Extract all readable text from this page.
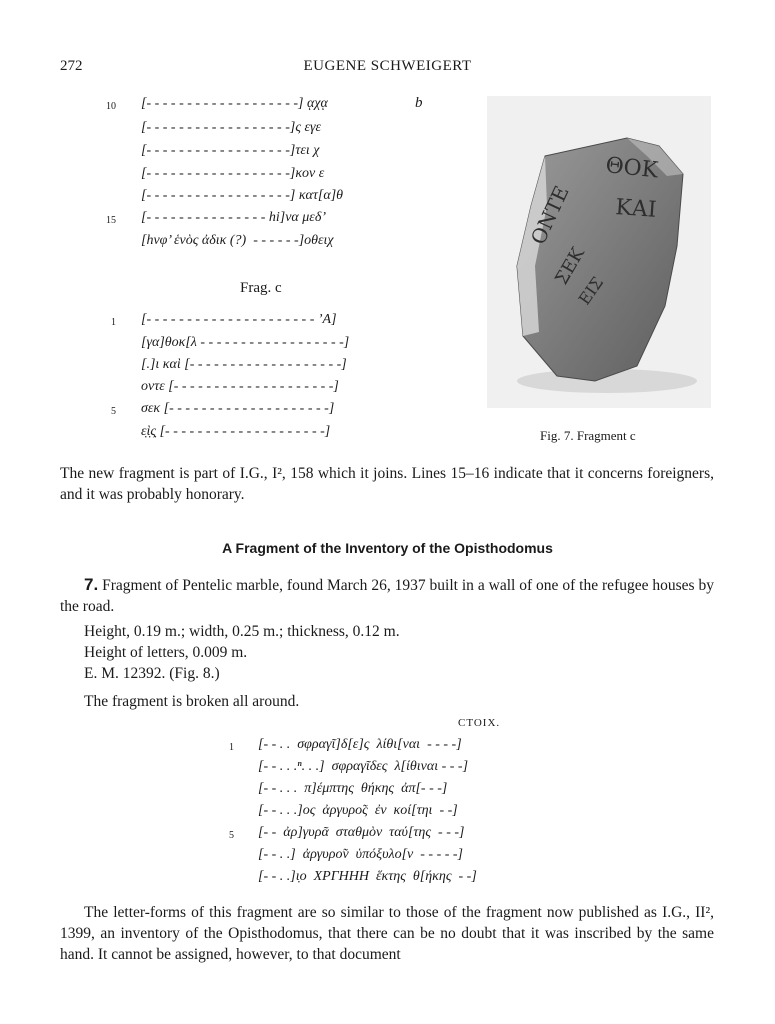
272	EUGENE SCHWEIGERT
10 [- - - - - - - - - - - - - - - - - - -] ᾳχᾳ	b
[- - - - - - - - - - - - - - - - - -]ς εγε
[- - - - - - - - - - - - - - - - - -]τει χ
[- - - - - - - - - - - - - - - - - -]κον ε
[- - - - - - - - - - - - - - - - - -] κατ[α]θ
15 [- - - - - - - - - - - - - - - hi]να μεδ’
[hνφ’ ἑνὸς ἀδικ (?)  - - - - - -]οθειχ
Frag. c
1 [- - - - - - - - - - - - - - - - - - - - - ’Α]
[γα]θοκ[λ - - - - - - - - - - - - - - - - - -]
[.]ι καὶ [- - - - - - - - - - - - - - - - - - -]
οντε [- - - - - - - - - - - - - - - - - - - -]
5 σεκ [- - - - - - - - - - - - - - - - - - - -]
ε̣ὶ̣ς̣ [- - - - - - - - - - - - - - - - - - - -]
ΘΟΚ
ΚΑΙ
ΟΝΤΕ
ΣΕΚ
ΕΙΣ
Fig. 7. Fragment c
The new fragment is part of I.G., I², 158 which it joins. Lines 15–16 indicate that it concerns foreigners, and it was probably honorary.
A Fragment of the Inventory of the Opisthodomus
7. Fragment of Pentelic marble, found March 26, 1937 built in a wall of one of the refugee houses by the road.
Height, 0.19 m.; width, 0.25 m.; thickness, 0.12 m.
Height of letters, 0.009 m.
E. M. 12392. (Fig. 8.)
The fragment is broken all around.
CTOIX.
1 [- - . .  σφραγῖ]δ[ε]ς  λίθι[ναι  - - - -]
[- - . . .ⁿ. . .]  σφραγῖδες  λ[ίθιναι - - -]
[- - . . .  π]έμπτης  θήκης  ἀπ[- - -]
[- - . . .]ος  ἀργυρο̃ς  ἐν  κοί[τηι  - -]
5 [- -  ἀρ]γυρᾶ  σταθμὸν  ταύ[της  - - -]
[- - . .]  ἀργυρο̃ν  ὑπόξυλο[ν  - - - - -]
[- - . .]ι̣ο  ΧΡΓΗΗΗ  ἕκτης  θ[ήκης  - -]
The letter-forms of this fragment are so similar to those of the fragment now published as I.G., II², 1399, an inventory of the Opisthodomus, that there can be no doubt that it was inscribed by the same hand. It cannot be assigned, however, to that document
